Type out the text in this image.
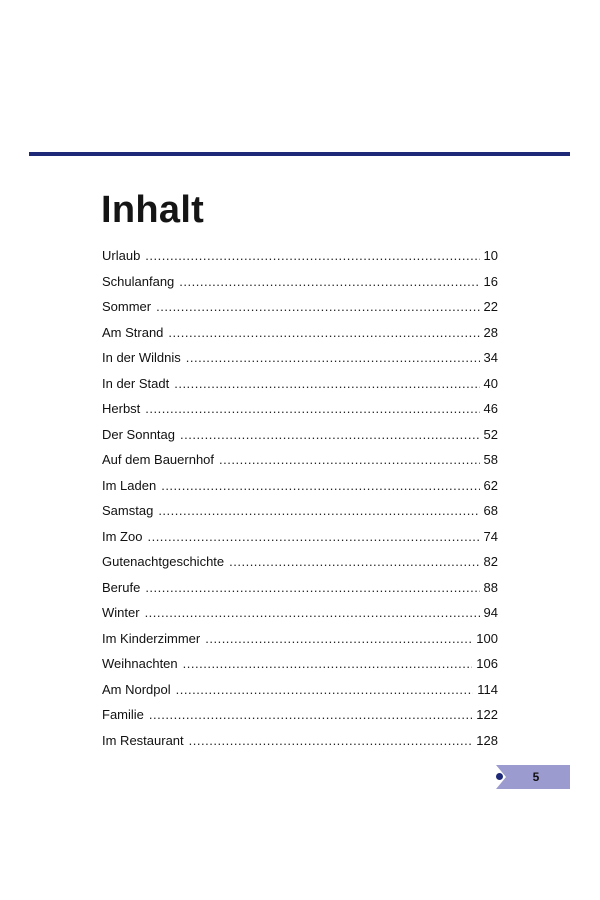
Inhalt
Urlaub .....	10
Schulanfang .....	16
Sommer .....	22
Am Strand .....	28
In der Wildnis .....	34
In der Stadt .....	40
Herbst .....	46
Der Sonntag .....	52
Auf dem Bauernhof .....	58
Im Laden .....	62
Samstag .....	68
Im Zoo .....	74
Gutenachtgeschichte .....	82
Berufe .....	88
Winter .....	94
Im Kinderzimmer .....	100
Weihnachten .....	106
Am Nordpol .....	114
Familie .....	122
Im Restaurant .....	128
5
